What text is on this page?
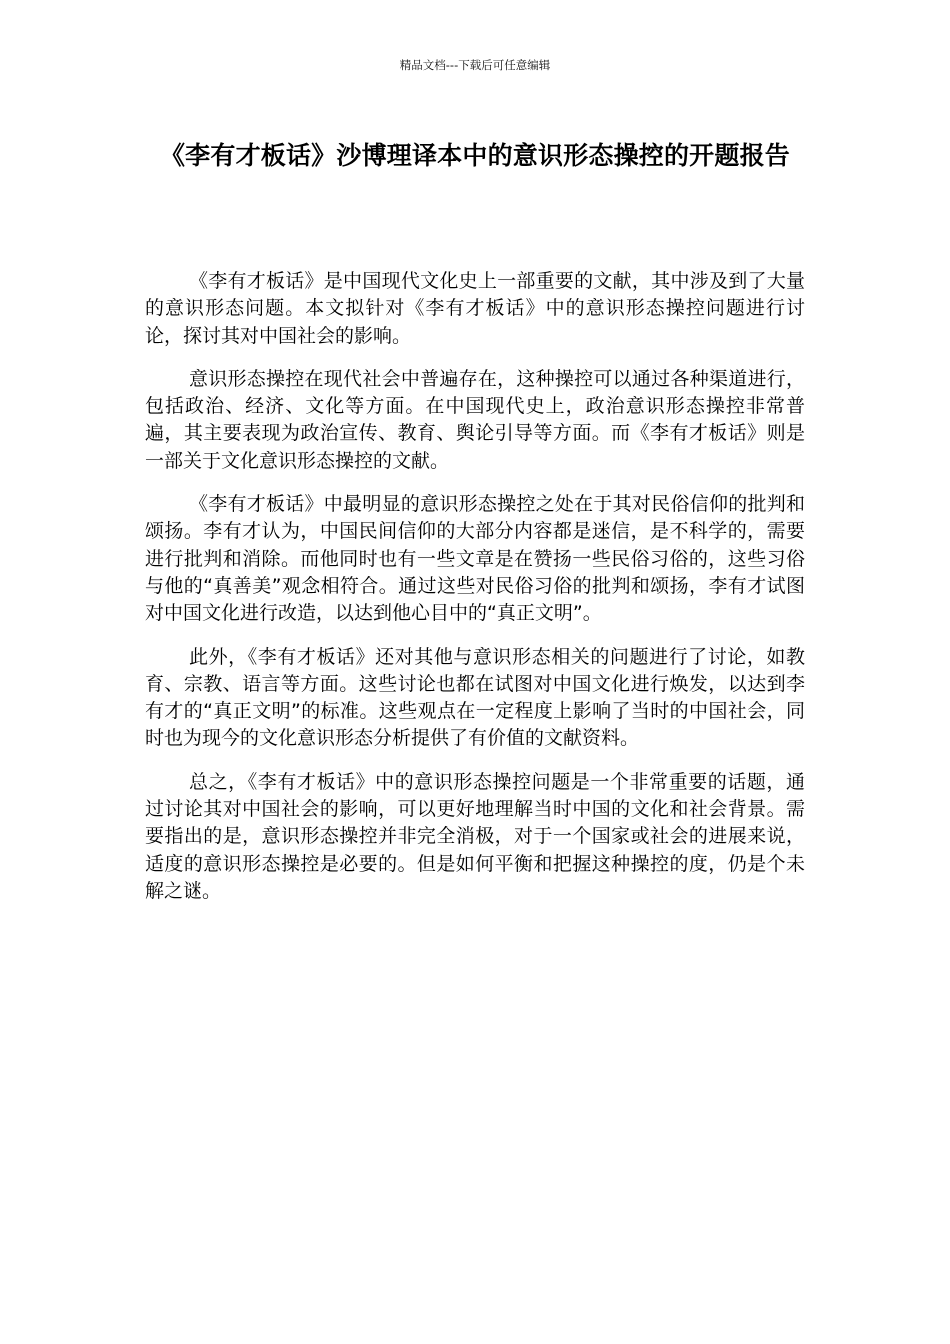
精品文档---下载后可任意编辑
《李有才板话》沙博理译本中的意识形态操控的开题报告

《李有才板话》是中国现代文化史上一部重要的文献，其中涉及到了大量的意识形态问题。本文拟针对《李有才板话》中的意识形态操控问题进行讨论，探讨其对中国社会的影响。

意识形态操控在现代社会中普遍存在，这种操控可以通过各种渠道进行，包括政治、经济、文化等方面。在中国现代史上，政治意识形态操控非常普遍，其主要表现为政治宣传、教育、舆论引导等方面。而《李有才板话》则是一部关于文化意识形态操控的文献。

《李有才板话》中最明显的意识形态操控之处在于其对民俗信仰的批判和颂扬。李有才认为，中国民间信仰的大部分内容都是迷信，是不科学的，需要进行批判和消除。而他同时也有一些文章是在赞扬一些民俗习俗的，这些习俗与他的“真善美”观念相符合。通过这些对民俗习俗的批判和颂扬，李有才试图对中国文化进行改造，以达到他心目中的“真正文明”。

此外，《李有才板话》还对其他与意识形态相关的问题进行了讨论，如教育、宗教、语言等方面。这些讨论也都在试图对中国文化进行焕发，以达到李有才的“真正文明”的标准。这些观点在一定程度上影响了当时的中国社会，同时也为现今的文化意识形态分析提供了有价值的文献资料。

总之，《李有才板话》中的意识形态操控问题是一个非常重要的话题，通过讨论其对中国社会的影响，可以更好地理解当时中国的文化和社会背景。需要指出的是，意识形态操控并非完全消极，对于一个国家或社会的进展来说，适度的意识形态操控是必要的。但是如何平衡和把握这种操控的度，仍是个未解之谜。
